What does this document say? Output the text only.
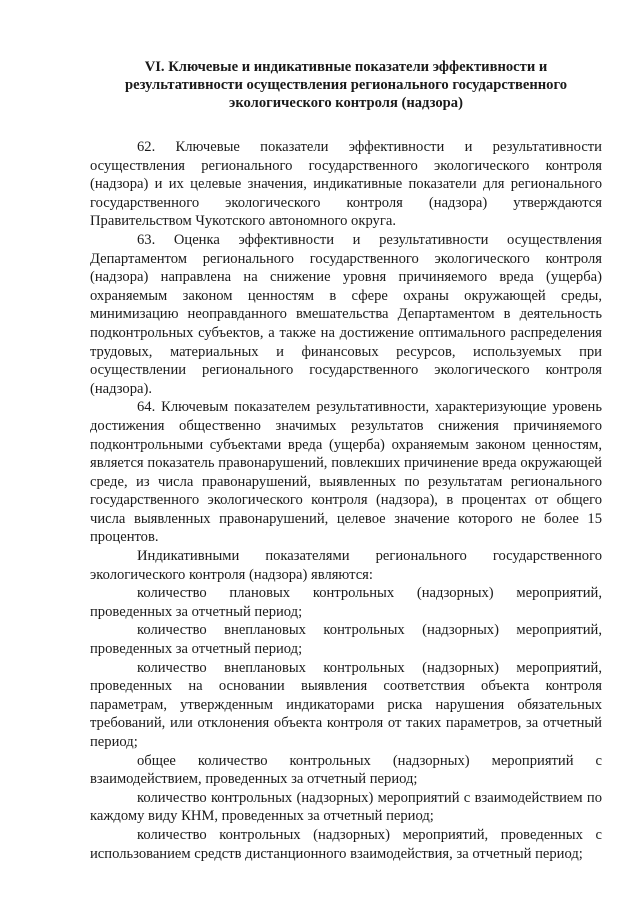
VI. Ключевые и индикативные показатели эффективности и результативности осуществления регионального государственного экологического контроля (надзора)

62. Ключевые показатели эффективности и результативности осуществления регионального государственного экологического контроля (надзора) и их целевые значения, индикативные показатели для регионального государственного экологического контроля (надзора) утверждаются Правительством Чукотского автономного округа.

63. Оценка эффективности и результативности осуществления Департаментом регионального государственного экологического контроля (надзора) направлена на снижение уровня причиняемого вреда (ущерба) охраняемым законом ценностям в сфере охраны окружающей среды, минимизацию неоправданного вмешательства Департаментом в деятельность подконтрольных субъектов, а также на достижение оптимального распределения трудовых, материальных и финансовых ресурсов, используемых при осуществлении регионального государственного экологического контроля (надзора).

64. Ключевым показателем результативности, характеризующие уровень достижения общественно значимых результатов снижения причиняемого подконтрольными субъектами вреда (ущерба) охраняемым законом ценностям, является показатель правонарушений, повлекших причинение вреда окружающей среде, из числа правонарушений, выявленных по результатам регионального государственного экологического контроля (надзора), в процентах от общего числа выявленных правонарушений, целевое значение которого не более 15 процентов.

Индикативными показателями регионального государственного экологического контроля (надзора) являются:

количество плановых контрольных (надзорных) мероприятий, проведенных за отчетный период;

количество внеплановых контрольных (надзорных) мероприятий, проведенных за отчетный период;

количество внеплановых контрольных (надзорных) мероприятий, проведенных на основании выявления соответствия объекта контроля параметрам, утвержденным индикаторами риска нарушения обязательных требований, или отклонения объекта контроля от таких параметров, за отчетный период;

общее количество контрольных (надзорных) мероприятий с взаимодействием, проведенных за отчетный период;

количество контрольных (надзорных) мероприятий с взаимодействием по каждому виду КНМ, проведенных за отчетный период;

количество контрольных (надзорных) мероприятий, проведенных с использованием средств дистанционного взаимодействия, за отчетный период;
